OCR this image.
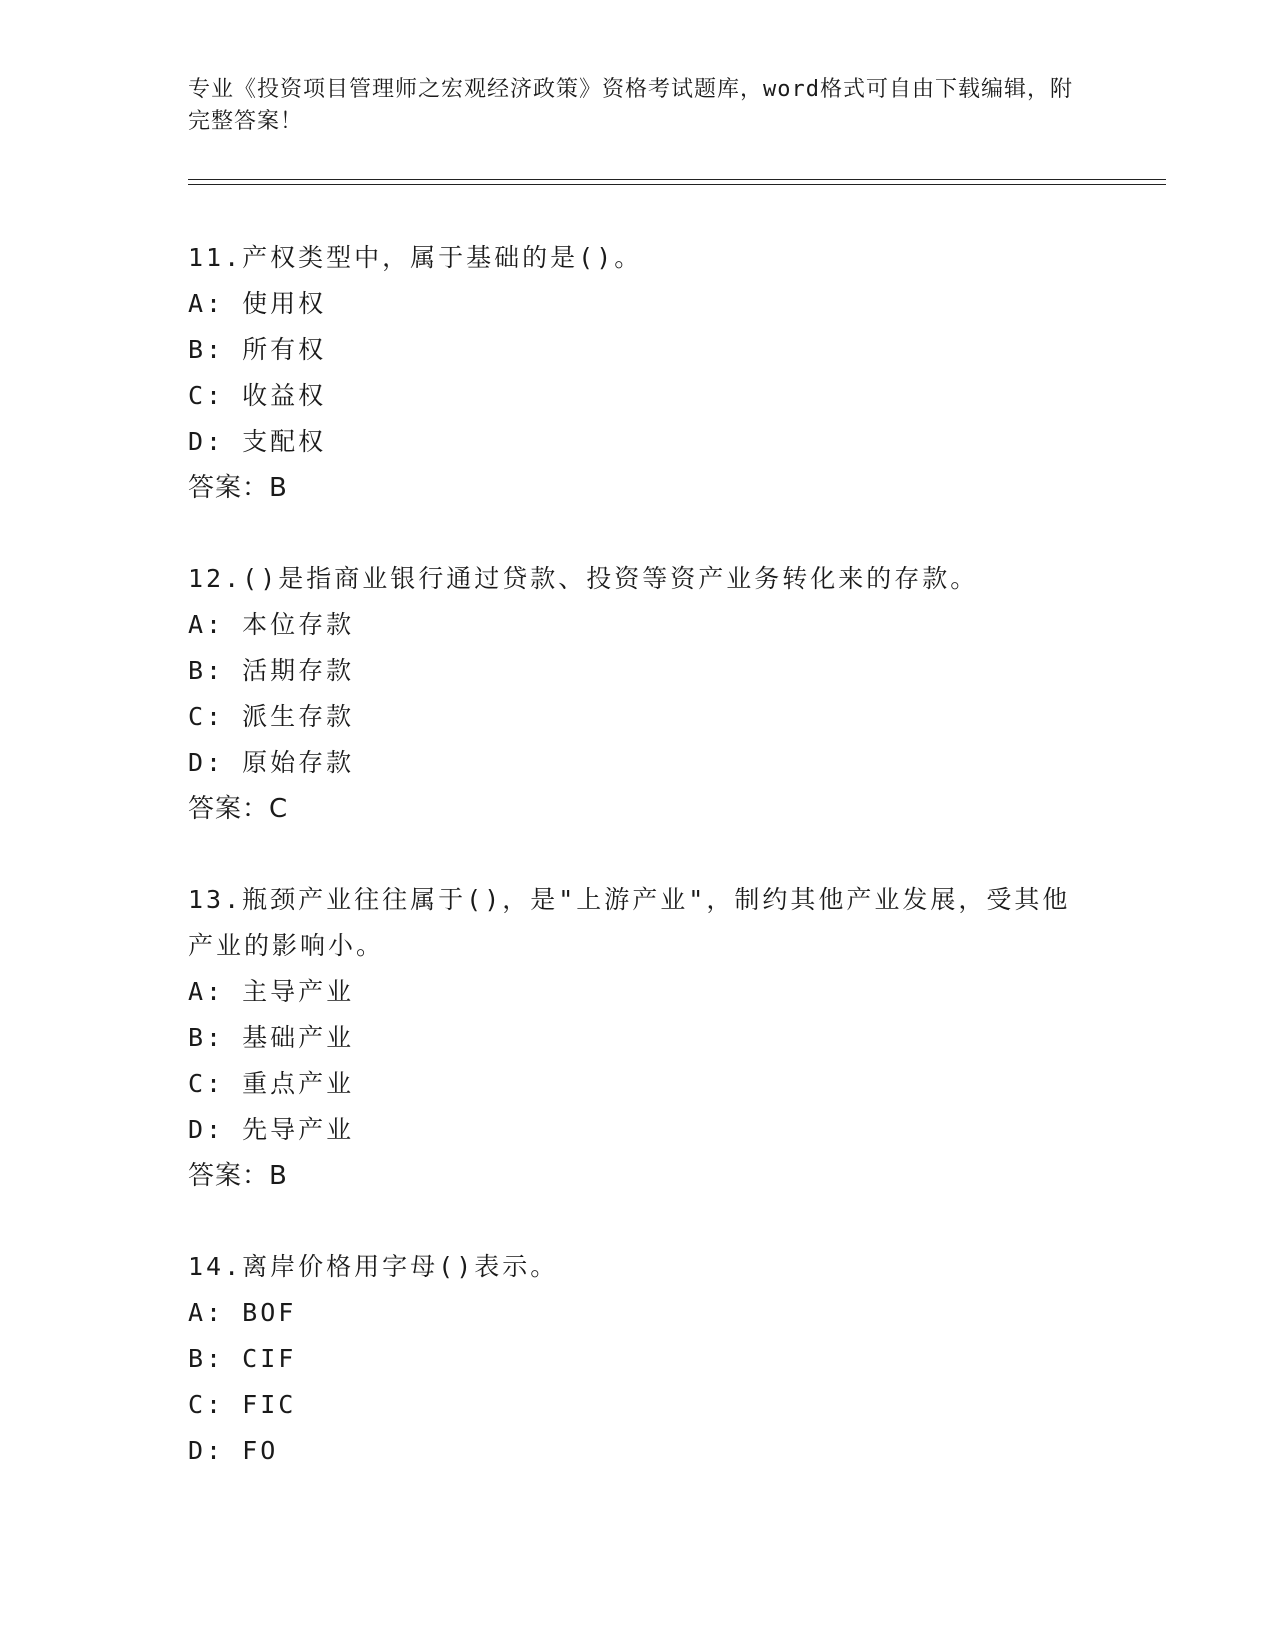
专业《投资项目管理师之宏观经济政策》资格考试题库，word格式可自由下载编辑，附完整答案！

11.产权类型中，属于基础的是()。

A: 使用权

B: 所有权

C: 收益权

D: 支配权

答案：B

12.()是指商业银行通过贷款、投资等资产业务转化来的存款。

A: 本位存款

B: 活期存款

C: 派生存款

D: 原始存款

答案：C

13.瓶颈产业往往属于()，是"上游产业"，制约其他产业发展，受其他产业的影响小。

A: 主导产业

B: 基础产业

C: 重点产业

D: 先导产业

答案：B

14.离岸价格用字母()表示。

A: BOF

B: CIF

C: FIC

D: FO
